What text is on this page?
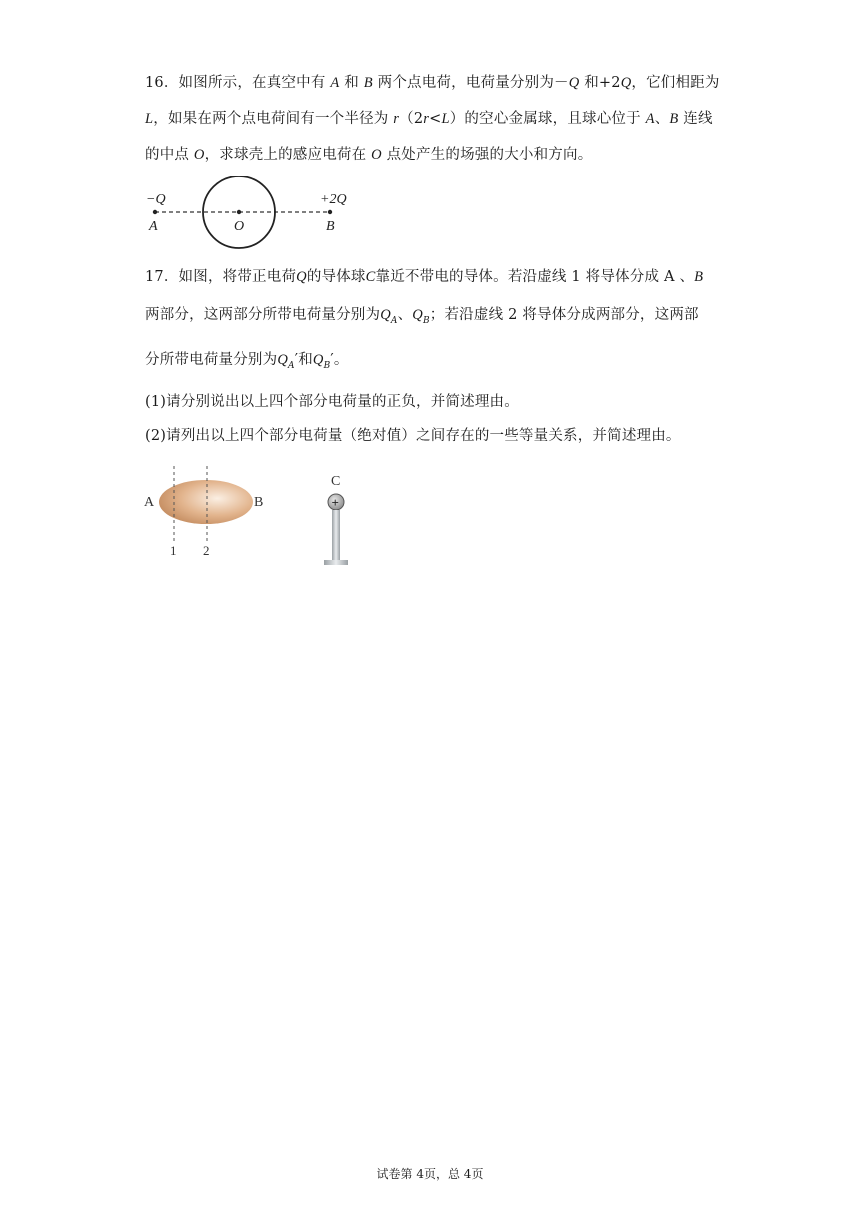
16．如图所示，在真空中有 A 和 B 两个点电荷，电荷量分别为－Q 和+2Q，它们相距为
L，如果在两个点电荷间有一个半径为 r（2r<L）的空心金属球，且球心位于 A、B 连线
的中点 O，求球壳上的感应电荷在 O 点处产生的场强的大小和方向。
−Q	+2Q
A	O	B
17．如图，将带正电荷Q的导体球C靠近不带电的导体。若沿虚线 1 将导体分成 A 、B
两部分，这两部分所带电荷量分别为$Q_A$、$Q_B$；若沿虚线 2 将导体分成两部分，这两部
分所带电荷量分别为$Q_A'$和$Q_B'$。
(1)请分别说出以上四个部分电荷量的正负，并简述理由。
(2)请列出以上四个部分电荷量（绝对值）之间存在的一些等量关系，并简述理由。
A	B
1 2
C
+
试卷第 4页，总 4页
